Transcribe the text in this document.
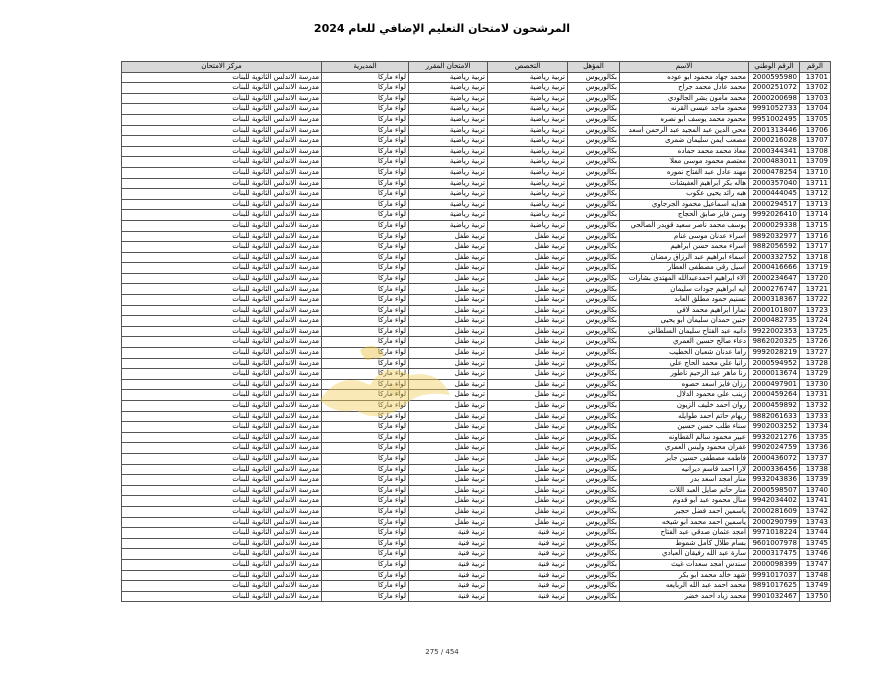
المرشحون لامتحان التعليم الإضافي للعام 2024
الرقم	الرقم الوطني	الاسم	المؤهل	التخصص	الامتحان المقرر	المديرية	مركز الامتحان
13701	2000595980	محمد جهاد محمود ابو عوده	بكالوريوس	تربية رياضية	تربية رياضية	لواء ماركا	مدرسة الاندلس الثانوية للبنات
13702	2000251072	محمد عادل محمد جراح	بكالوريوس	تربية رياضية	تربية رياضية	لواء ماركا	مدرسة الاندلس الثانوية للبنات
13703	2000200698	محمد مامون بشر الجالودي	بكالوريوس	تربية رياضية	تربية رياضية	لواء ماركا	مدرسة الاندلس الثانوية للبنات
13704	9991052733	محمود ماجد عيسى القرنه	بكالوريوس	تربية رياضية	تربية رياضية	لواء ماركا	مدرسة الاندلس الثانوية للبنات
13705	9951002495	محمود محمد يوسف ابو نصره	بكالوريوس	تربية رياضية	تربية رياضية	لواء ماركا	مدرسة الاندلس الثانوية للبنات
13706	2001313446	محي الدين عبد المجيد عبد الرحمن اسعد	بكالوريوس	تربية رياضية	تربية رياضية	لواء ماركا	مدرسة الاندلس الثانوية للبنات
13707	2000216028	مصعب ايمن سليمان ضمرى	بكالوريوس	تربية رياضية	تربية رياضية	لواء ماركا	مدرسة الاندلس الثانوية للبنات
13708	2000344341	معاذ محمد محمد حماده	بكالوريوس	تربية رياضية	تربية رياضية	لواء ماركا	مدرسة الاندلس الثانوية للبنات
13709	2000483011	معتصم محمود موسى معلا	بكالوريوس	تربية رياضية	تربية رياضية	لواء ماركا	مدرسة الاندلس الثانوية للبنات
13710	2000478254	مهند عادل عبد الفتاح نموره	بكالوريوس	تربية رياضية	تربية رياضية	لواء ماركا	مدرسة الاندلس الثانوية للبنات
13711	2000357040	هاله بكر ابراهيم العفيشات	بكالوريوس	تربية رياضية	تربية رياضية	لواء ماركا	مدرسة الاندلس الثانوية للبنات
13712	2000444045	هبه رائد يحيى عكوب	بكالوريوس	تربية رياضية	تربية رياضية	لواء ماركا	مدرسة الاندلس الثانوية للبنات
13713	2000294517	هدايه اسماعيل محمود الجرجاوي	بكالوريوس	تربية رياضية	تربية رياضية	لواء ماركا	مدرسة الاندلس الثانوية للبنات
13714	9992026410	وسن فايز صابق الحجاج	بكالوريوس	تربية رياضية	تربية رياضية	لواء ماركا	مدرسة الاندلس الثانوية للبنات
13715	2000029338	يوسف محمد ناصر سعيد قويدر الصالحي	بكالوريوس	تربية رياضية	تربية رياضية	لواء ماركا	مدرسة الاندلس الثانوية للبنات
13716	9892032977	اسراء عدنان موسى غنام	بكالوريوس	تربية طفل	تربية طفل	لواء ماركا	مدرسة الاندلس الثانوية للبنات
13717	9882056592	اسراء محمد حسن ابراهيم	بكالوريوس	تربية طفل	تربية طفل	لواء ماركا	مدرسة الاندلس الثانوية للبنات
13718	2000332752	اسماء ابراهيم عبد الرزاق رمضان	بكالوريوس	تربية طفل	تربية طفل	لواء ماركا	مدرسة الاندلس الثانوية للبنات
13719	2000416666	اسيل رقي مصطفى العطار	بكالوريوس	تربية طفل	تربية طفل	لواء ماركا	مدرسة الاندلس الثانوية للبنات
13720	2000234647	الاء ابراهيم احمدعبدالله المهتدي بشارات	بكالوريوس	تربية طفل	تربية طفل	لواء ماركا	مدرسة الاندلس الثانوية للبنات
13721	2000276747	ايه ابراهيم جودات سليمان	بكالوريوس	تربية طفل	تربية طفل	لواء ماركا	مدرسة الاندلس الثانوية للبنات
13722	2000318367	تسنيم حمود مطلق العابد	بكالوريوس	تربية طفل	تربية طفل	لواء ماركا	مدرسة الاندلس الثانوية للبنات
13723	2000101807	تمارا ابراهيم محمد لافي	بكالوريوس	تربية طفل	تربية طفل	لواء ماركا	مدرسة الاندلس الثانوية للبنات
13724	2000482735	جنين حمدان سليمان ابو يحيى	بكالوريوس	تربية طفل	تربية طفل	لواء ماركا	مدرسة الاندلس الثانوية للبنات
13725	9922002353	دانيه عبد الفتاح سليمان السلطاني	بكالوريوس	تربية طفل	تربية طفل	لواء ماركا	مدرسة الاندلس الثانوية للبنات
13726	9862020325	دعاء صالح حسين العمري	بكالوريوس	تربية طفل	تربية طفل	لواء ماركا	مدرسة الاندلس الثانوية للبنات
13727	9992028219	راما عدنان شعبان الخطيب	بكالوريوس	تربية طفل	تربية طفل	لواء ماركا	مدرسة الاندلس الثانوية للبنات
13728	2000594952	رانيا علي محمد الحاج علي	بكالوريوس	تربية طفل	تربية طفل	لواء ماركا	مدرسة الاندلس الثانوية للبنات
13729	2000013674	رنا ماهر عبد الرحيم ناطور	بكالوريوس	تربية طفل	تربية طفل	لواء ماركا	مدرسة الاندلس الثانوية للبنات
13730	2000497901	رزان فايز اسعد حصوه	بكالوريوس	تربية طفل	تربية طفل	لواء ماركا	مدرسة الاندلس الثانوية للبنات
13731	2000459264	زينب علي محمود الدلال	بكالوريوس	تربية طفل	تربية طفل	لواء ماركا	مدرسة الاندلس الثانوية للبنات
13732	2000459892	روان احمد خليف الزيون	بكالوريوس	تربية طفل	تربية طفل	لواء ماركا	مدرسة الاندلس الثانوية للبنات
13733	9882061633	ريهام حاتم احمد طوايله	بكالوريوس	تربية طفل	تربية طفل	لواء ماركا	مدرسة الاندلس الثانوية للبنات
13734	9902003252	سناء طلب حسن حسين	بكالوريوس	تربية طفل	تربية طفل	لواء ماركا	مدرسة الاندلس الثانوية للبنات
13735	9932021276	عبير محمود سالم القطاونه	بكالوريوس	تربية طفل	تربية طفل	لواء ماركا	مدرسة الاندلس الثانوية للبنات
13736	9902024759	غفران محمود وليس العمري	بكالوريوس	تربية طفل	تربية طفل	لواء ماركا	مدرسة الاندلس الثانوية للبنات
13737	2000436072	فاطمه مصطفى حسين جابر	بكالوريوس	تربية طفل	تربية طفل	لواء ماركا	مدرسة الاندلس الثانوية للبنات
13738	2000336456	لارا احمد قاسم ديرانيه	بكالوريوس	تربية طفل	تربية طفل	لواء ماركا	مدرسة الاندلس الثانوية للبنات
13739	9932043836	منار امجد اسعد بدر	بكالوريوس	تربية طفل	تربية طفل	لواء ماركا	مدرسة الاندلس الثانوية للبنات
13740	2000598507	منار حاتم صايل العبد اللات	بكالوريوس	تربية طفل	تربية طفل	لواء ماركا	مدرسة الاندلس الثانوية للبنات
13741	9942034402	منال محمود عبد ابو قدوم	بكالوريوس	تربية طفل	تربية طفل	لواء ماركا	مدرسة الاندلس الثانوية للبنات
13742	2000281609	ياسمين احمد فضل حجير	بكالوريوس	تربية طفل	تربية طفل	لواء ماركا	مدرسة الاندلس الثانوية للبنات
13743	2000290799	ياسمين احمد محمد ابو شيخه	بكالوريوس	تربية طفل	تربية طفل	لواء ماركا	مدرسة الاندلس الثانوية للبنات
13744	9971018224	امجد عثمان صدقي عبد الفتاح	بكالوريوس	تربية فنية	تربية فنية	لواء ماركا	مدرسة الاندلس الثانوية للبنات
13745	9601007978	بسام طلال كامل شموط	بكالوريوس	تربية فنية	تربية فنية	لواء ماركا	مدرسة الاندلس الثانوية للبنات
13746	2000317475	سارة عبد الله رفيقان العبادي	بكالوريوس	تربية فنية	تربية فنية	لواء ماركا	مدرسة الاندلس الثانوية للبنات
13747	2000098399	سندس امجد سعدات غيث	بكالوريوس	تربية فنية	تربية فنية	لواء ماركا	مدرسة الاندلس الثانوية للبنات
13748	9991017037	شهد خالد محمد ابو بكر	بكالوريوس	تربية فنية	تربية فنية	لواء ماركا	مدرسة الاندلس الثانوية للبنات
13749	9891017625	محمد احمد عبد الله الربايعه	بكالوريوس	تربية فنية	تربية فنية	لواء ماركا	مدرسة الاندلس الثانوية للبنات
13750	9901032467	محمد زياد احمد خضر	بكالوريوس	تربية فنية	تربية فنية	لواء ماركا	مدرسة الاندلس الثانوية للبنات
275 / 454
